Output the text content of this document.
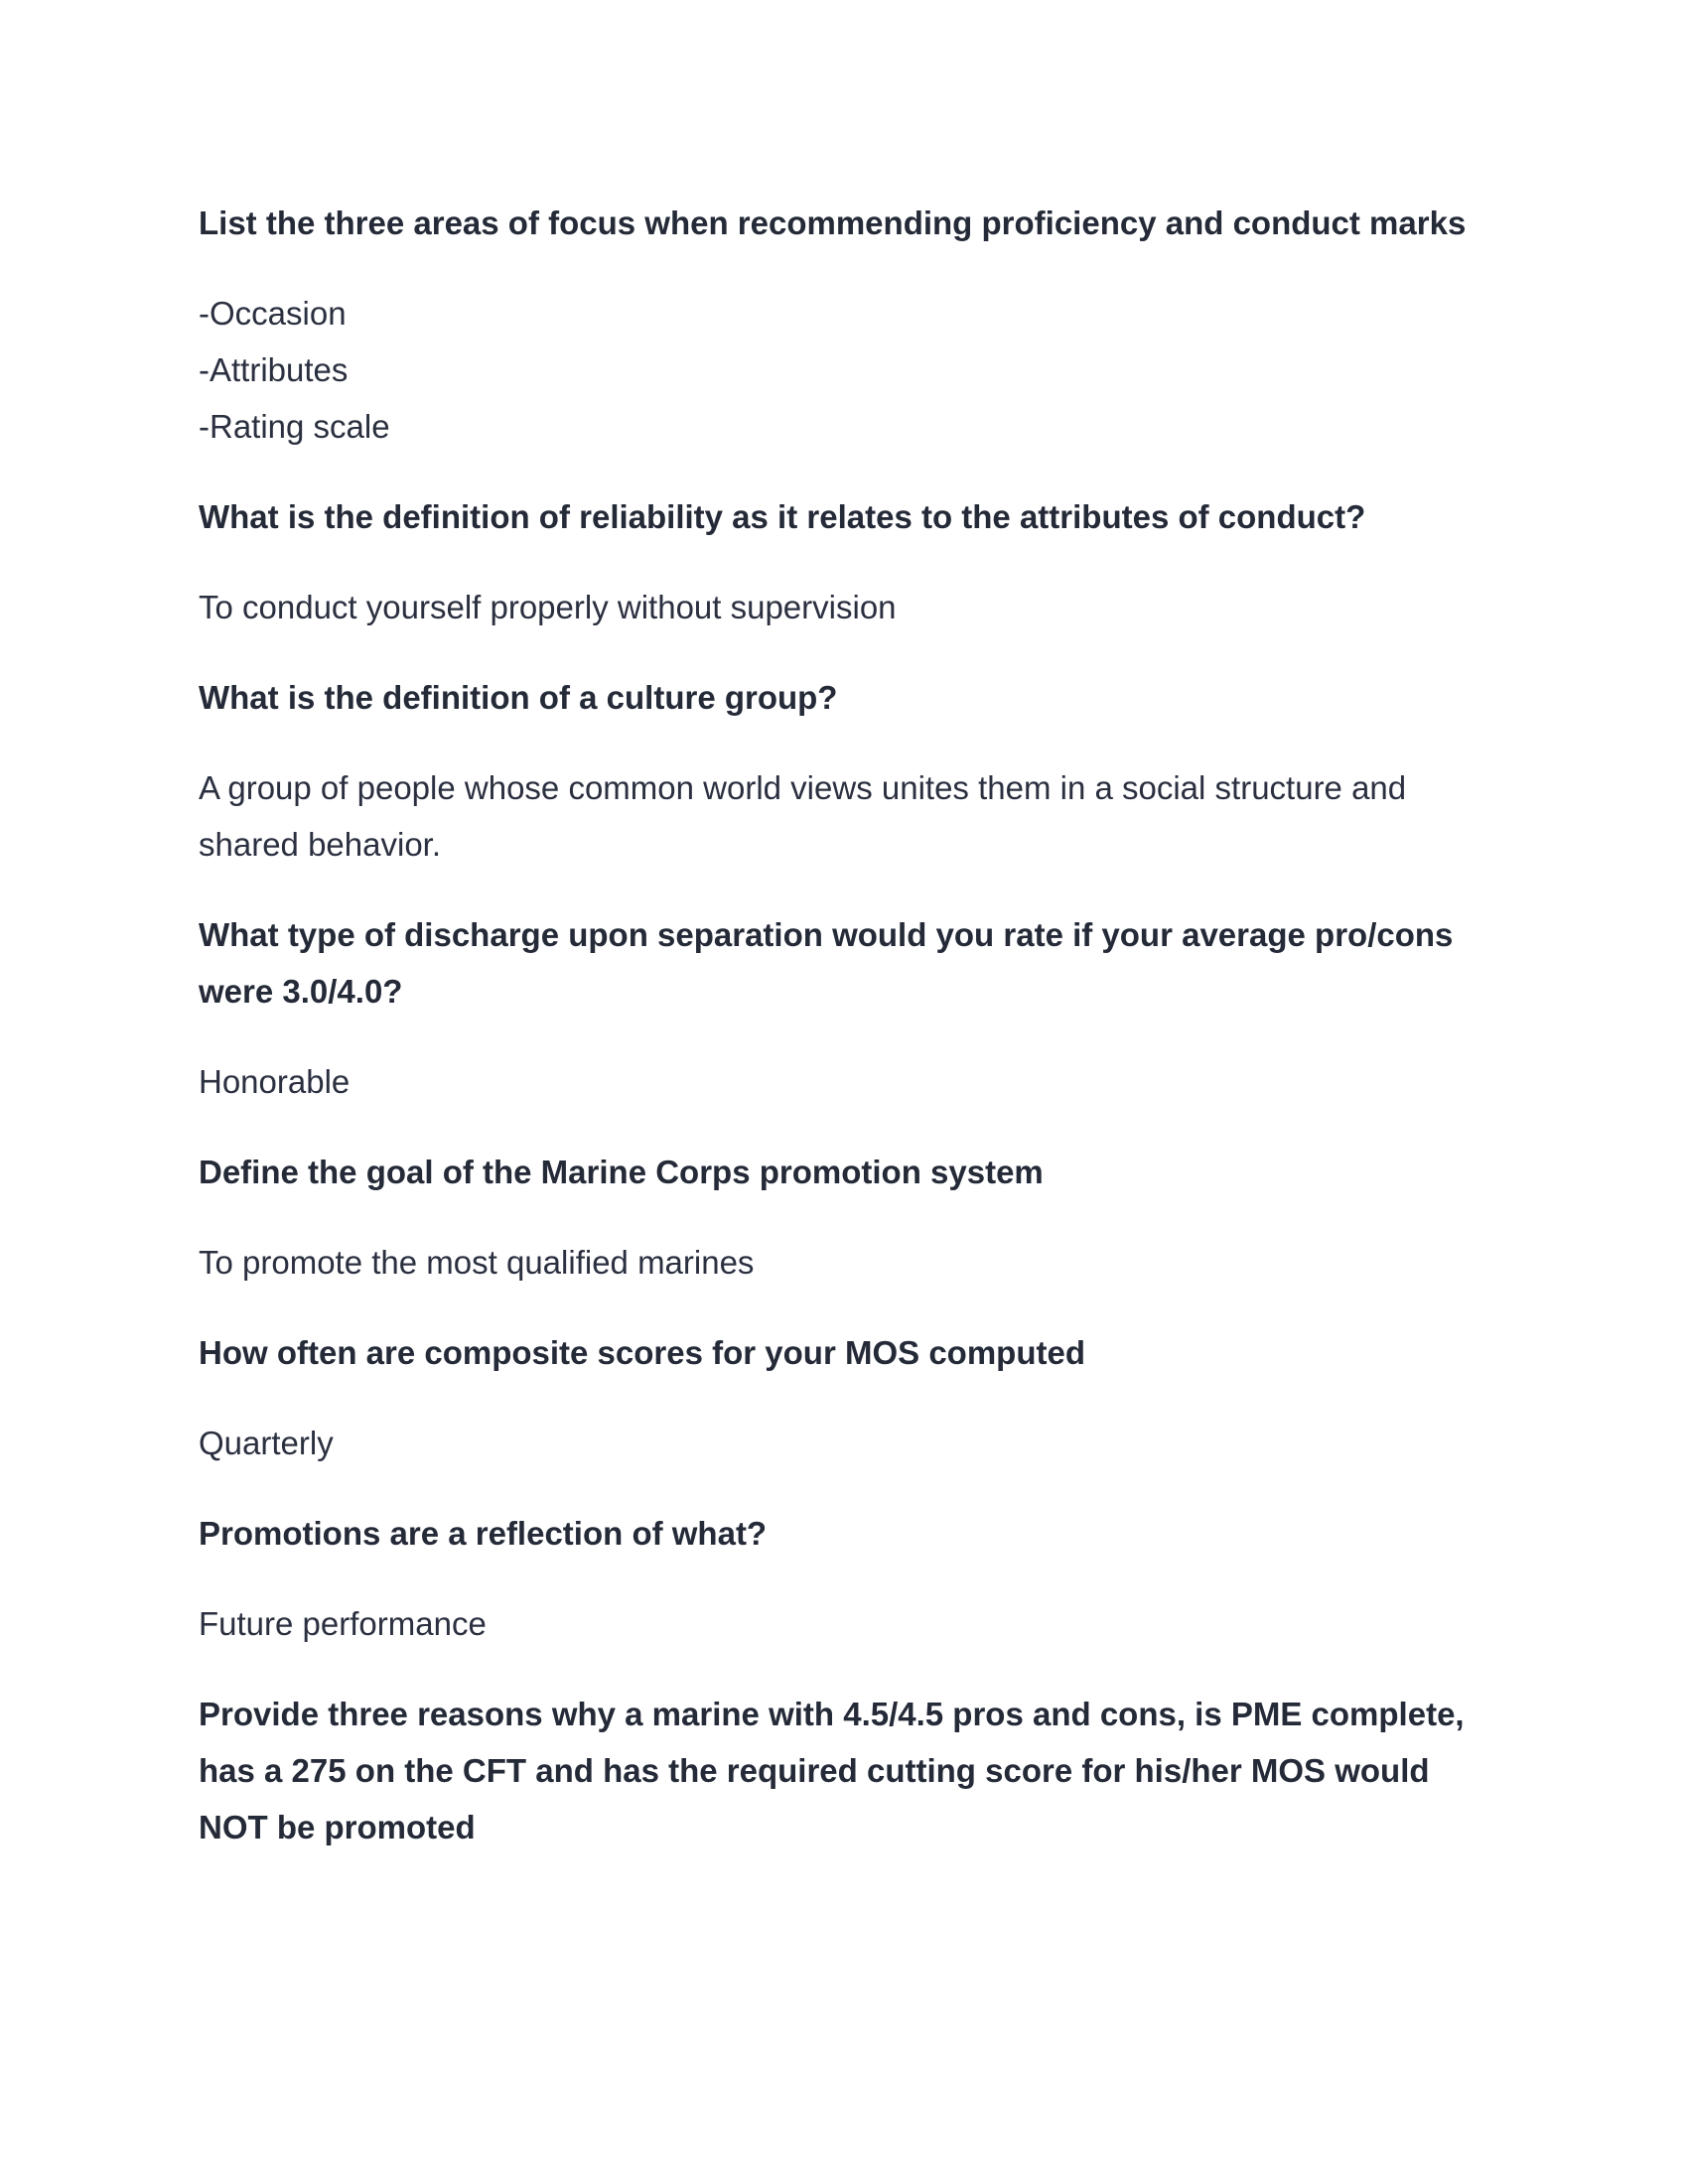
List the three areas of focus when recommending proficiency and conduct marks

-Occasion

-Attributes

-Rating scale

What is the definition of reliability as it relates to the attributes of conduct?

To conduct yourself properly without supervision

What is the definition of a culture group?

A group of people whose common world views unites them in a social structure and

shared behavior.

What type of discharge upon separation would you rate if your average pro/cons

were 3.0/4.0?

Honorable

Define the goal of the Marine Corps promotion system

To promote the most qualified marines

How often are composite scores for your MOS computed

Quarterly

Promotions are a reflection of what?

Future performance

Provide three reasons why a marine with 4.5/4.5 pros and cons, is PME complete,

has a 275 on the CFT and has the required cutting score for his/her MOS would

NOT be promoted
